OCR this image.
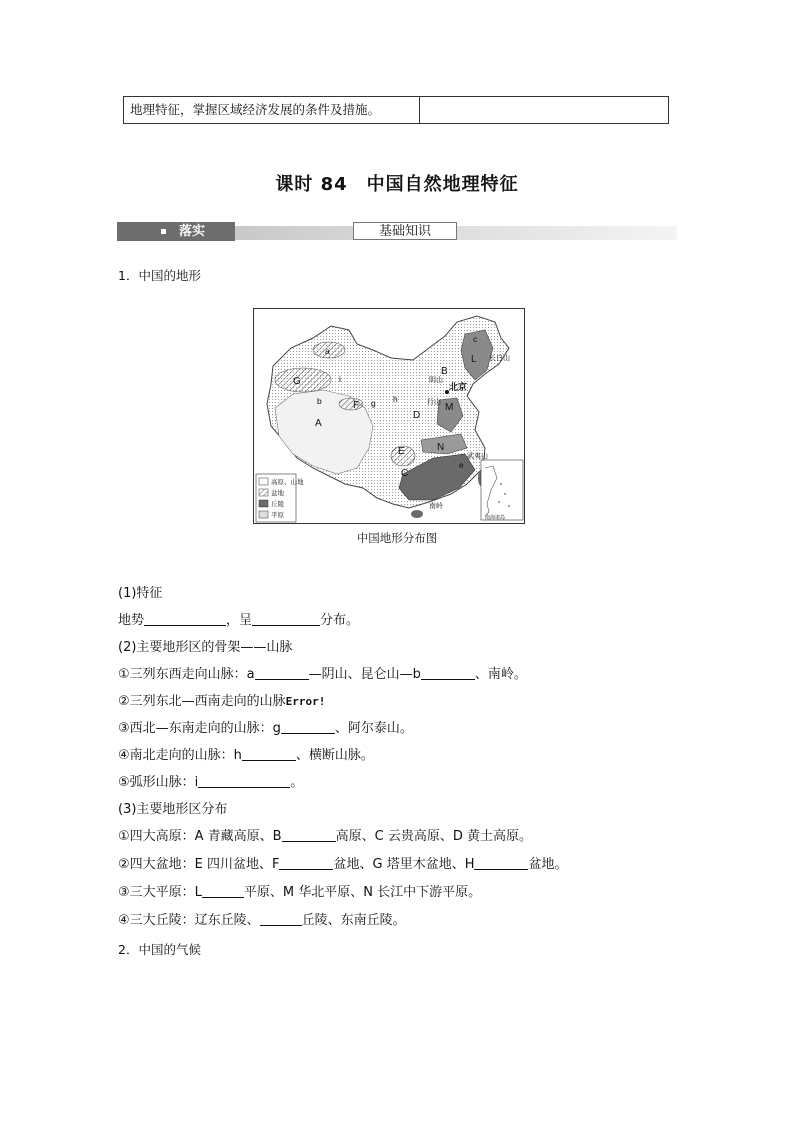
地理特征，掌握区域经济发展的条件及措施。
课时 84　中国自然地理特征
落实	基础知识
1．中国的地形
a
b
c
e
g h
i
A
B
C
D
E
F
G
L
M
N
北京
长白山
阴山
行山
南岭
武夷山
高原、山地
盆地
丘陵
平原	南海诸岛
中国地形分布图
(1)特征
地势	，呈	分布。
(2)主要地形区的骨架——山脉
①三列东西走向山脉：a	—阴山、昆仑山—b	、南岭。
②三列东北—西南走向的山脉Error!
③西北—东南走向的山脉：g	、阿尔泰山。
④南北走向的山脉：h	、横断山脉。
⑤弧形山脉：i	。
(3)主要地形区分布
①四大高原：A 青藏高原、B	高原、C 云贵高原、D 黄土高原。
②四大盆地：E 四川盆地、F	盆地、G 塔里木盆地、H	盆地。
③三大平原：L	平原、M 华北平原、N 长江中下游平原。
④三大丘陵：辽东丘陵、	丘陵、东南丘陵。
2．中国的气候
